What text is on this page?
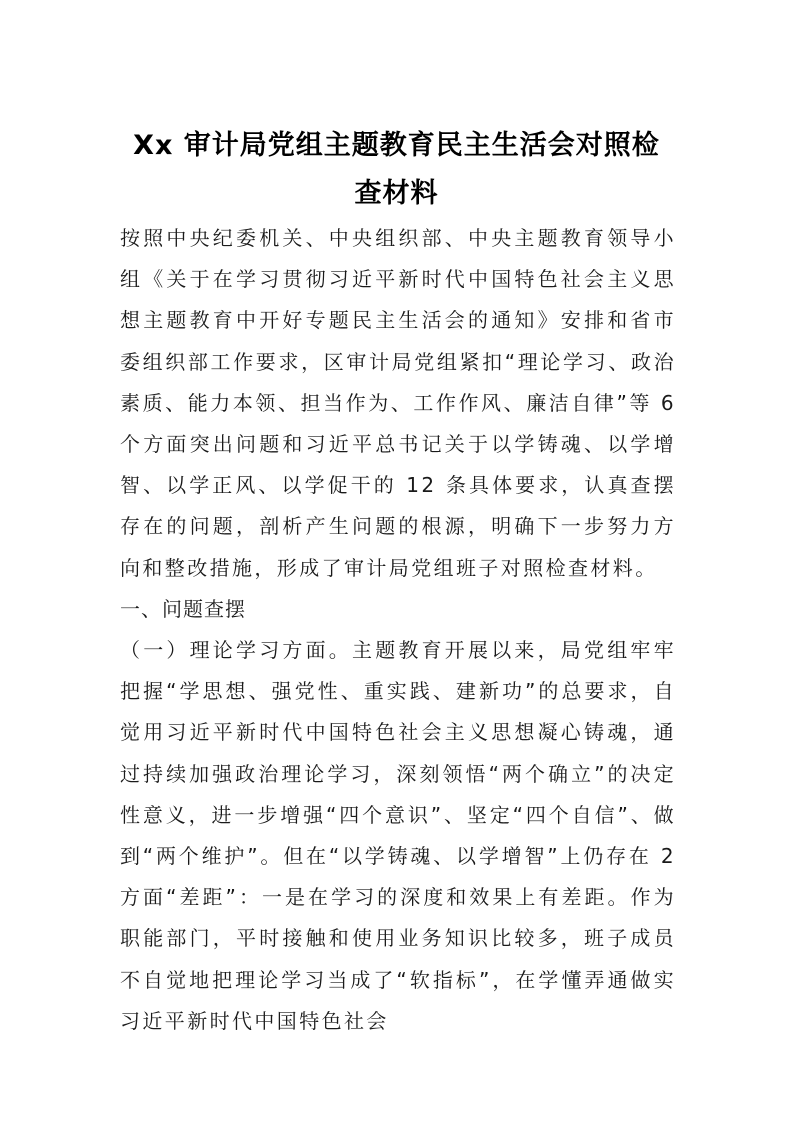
Xx 审计局党组主题教育民主生活会对照检
查材料

按照中央纪委机关、中央组织部、中央主题教育领导小组《关于在学习贯彻习近平新时代中国特色社会主义思想主题教育中开好专题民主生活会的通知》安排和省市委组织部工作要求，区审计局党组紧扣“理论学习、政治素质、能力本领、担当作为、工作作风、廉洁自律”等 6 个方面突出问题和习近平总书记关于以学铸魂、以学增智、以学正风、以学促干的 12 条具体要求，认真查摆存在的问题，剖析产生问题的根源，明确下一步努力方向和整改措施，形成了审计局党组班子对照检查材料。

一、问题查摆

（一）理论学习方面。主题教育开展以来，局党组牢牢把握“学思想、强党性、重实践、建新功”的总要求，自觉用习近平新时代中国特色社会主义思想凝心铸魂，通过持续加强政治理论学习，深刻领悟“两个确立”的决定性意义，进一步增强“四个意识”、坚定“四个自信”、做到“两个维护”。但在“以学铸魂、以学增智”上仍存在 2 方面“差距”：一是在学习的深度和效果上有差距。作为职能部门，平时接触和使用业务知识比较多，班子成员不自觉地把理论学习当成了“软指标”，在学懂弄通做实习近平新时代中国特色社会
